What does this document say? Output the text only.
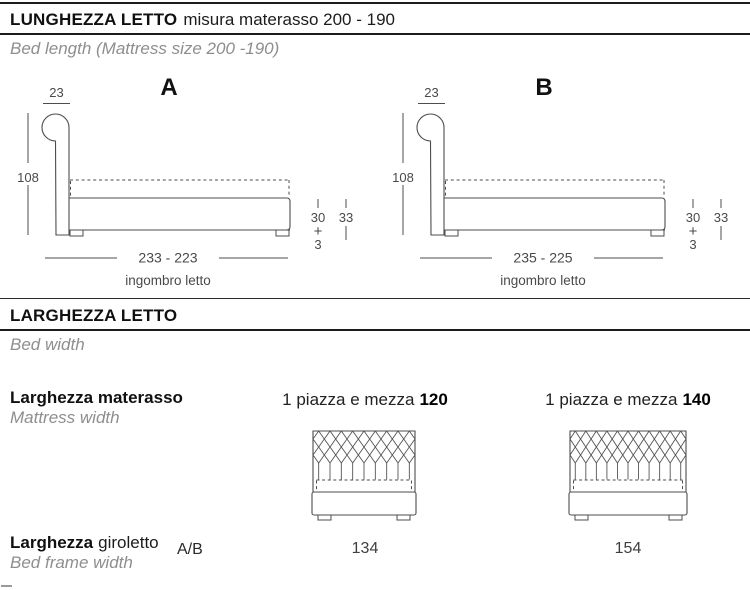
LUNGHEZZA LETTO misura materasso 200 - 190
Bed length (Mattress size 200 -190)
A
23
108
30
+
3
33
233 - 223
ingombro letto
B
23
108
30
+
3
33
235 - 225
ingombro letto
LARGHEZZA LETTO
Bed width
Larghezza materasso
Mattress width
Larghezza giroletto A/B
Bed frame width
1 piazza e mezza 120	1 piazza e mezza 140
134	154
